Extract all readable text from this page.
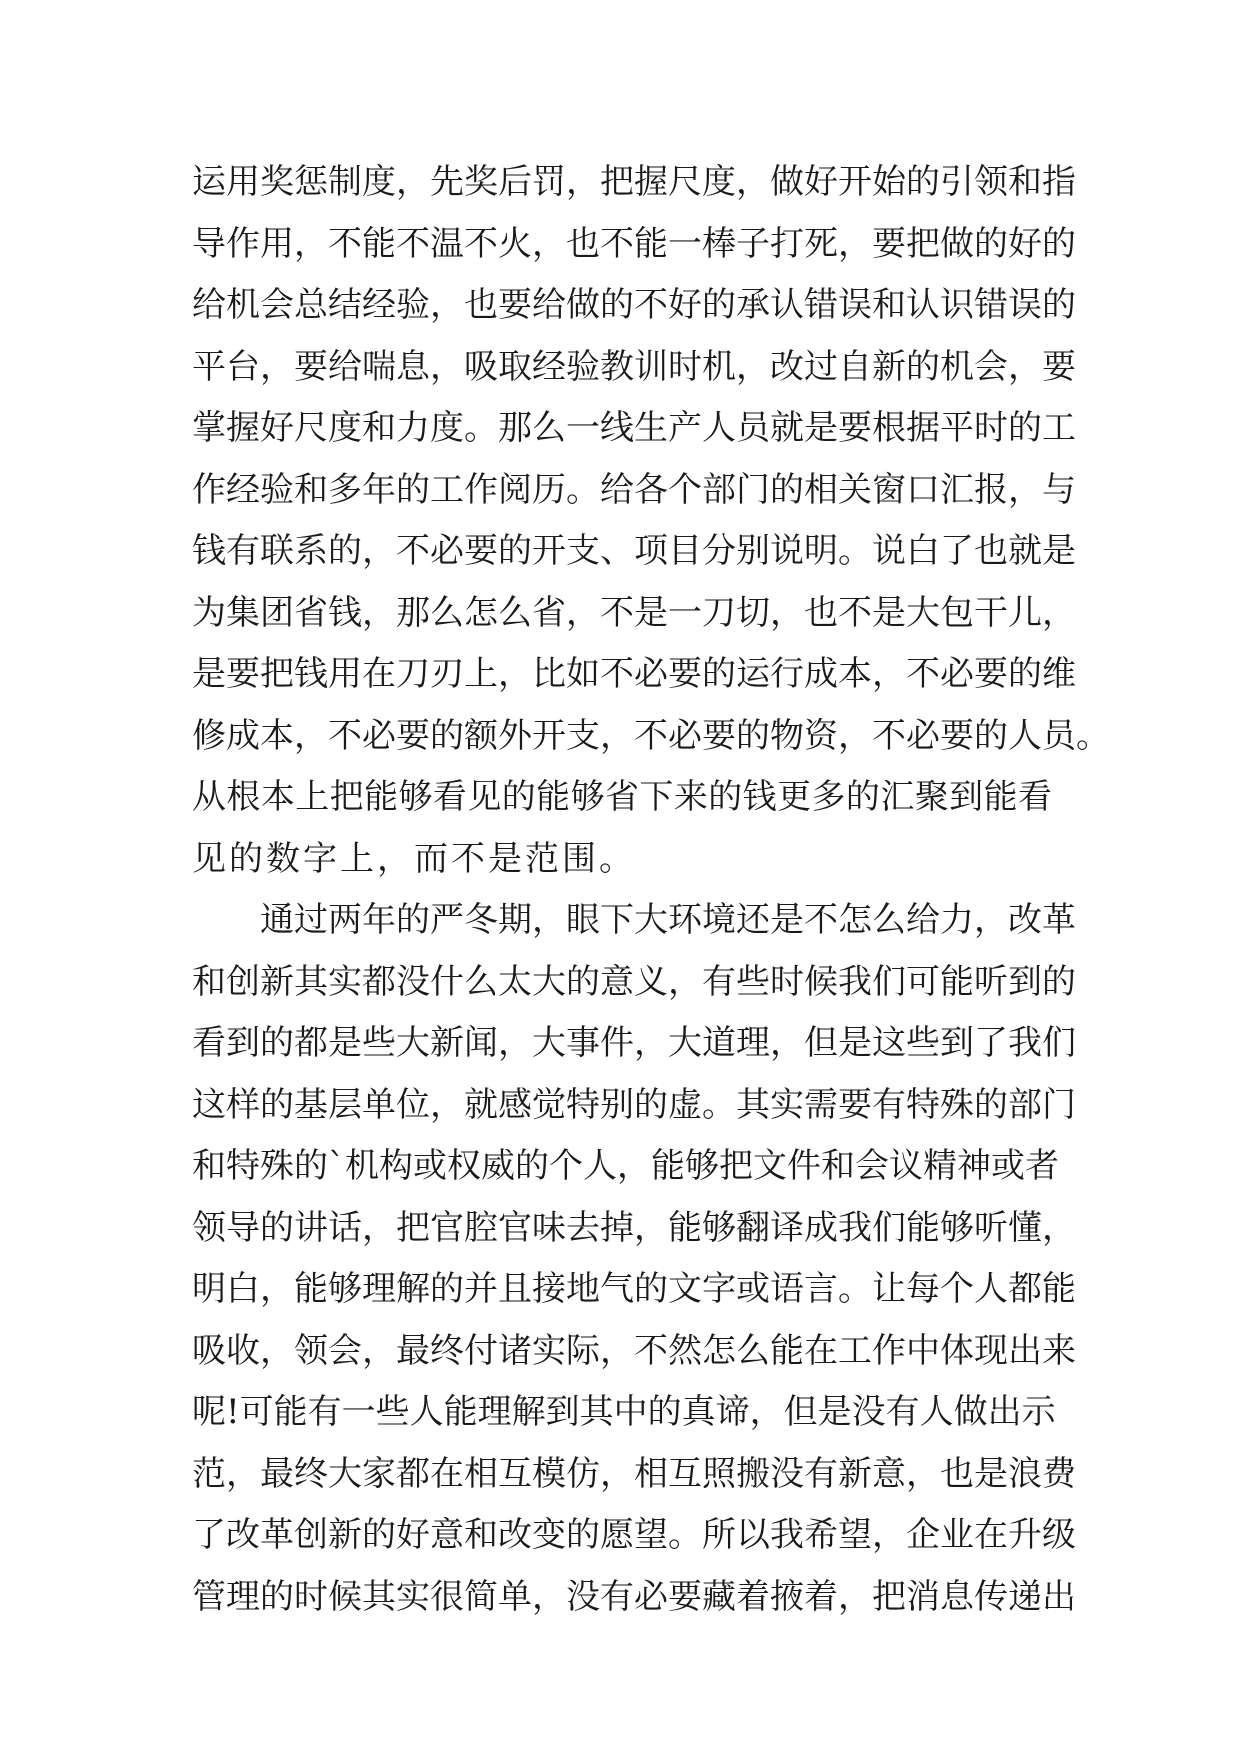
运用奖惩制度，先奖后罚，把握尺度，做好开始的引领和指
导作用，不能不温不火，也不能一棒子打死，要把做的好的
给机会总结经验，也要给做的不好的承认错误和认识错误的
平台，要给喘息，吸取经验教训时机，改过自新的机会，要
掌握好尺度和力度。那么一线生产人员就是要根据平时的工
作经验和多年的工作阅历。给各个部门的相关窗口汇报，与
钱有联系的，不必要的开支、项目分别说明。说白了也就是
为集团省钱，那么怎么省，不是一刀切，也不是大包干儿，
是要把钱用在刀刃上，比如不必要的运行成本，不必要的维
修成本，不必要的额外开支，不必要的物资，不必要的人员。
从根本上把能够看见的能够省下来的钱更多的汇聚到能看
见的数字上，而不是范围。
通过两年的严冬期，眼下大环境还是不怎么给力，改革
和创新其实都没什么太大的意义，有些时候我们可能听到的
看到的都是些大新闻，大事件，大道理，但是这些到了我们
这样的基层单位，就感觉特别的虚。其实需要有特殊的部门
和特殊的`机构或权威的个人，能够把文件和会议精神或者
领导的讲话，把官腔官味去掉，能够翻译成我们能够听懂，
明白，能够理解的并且接地气的文字或语言。让每个人都能
吸收，领会，最终付诸实际，不然怎么能在工作中体现出来
呢!可能有一些人能理解到其中的真谛，但是没有人做出示
范，最终大家都在相互模仿，相互照搬没有新意，也是浪费
了改革创新的好意和改变的愿望。所以我希望，企业在升级
管理的时候其实很简单，没有必要藏着掖着，把消息传递出
